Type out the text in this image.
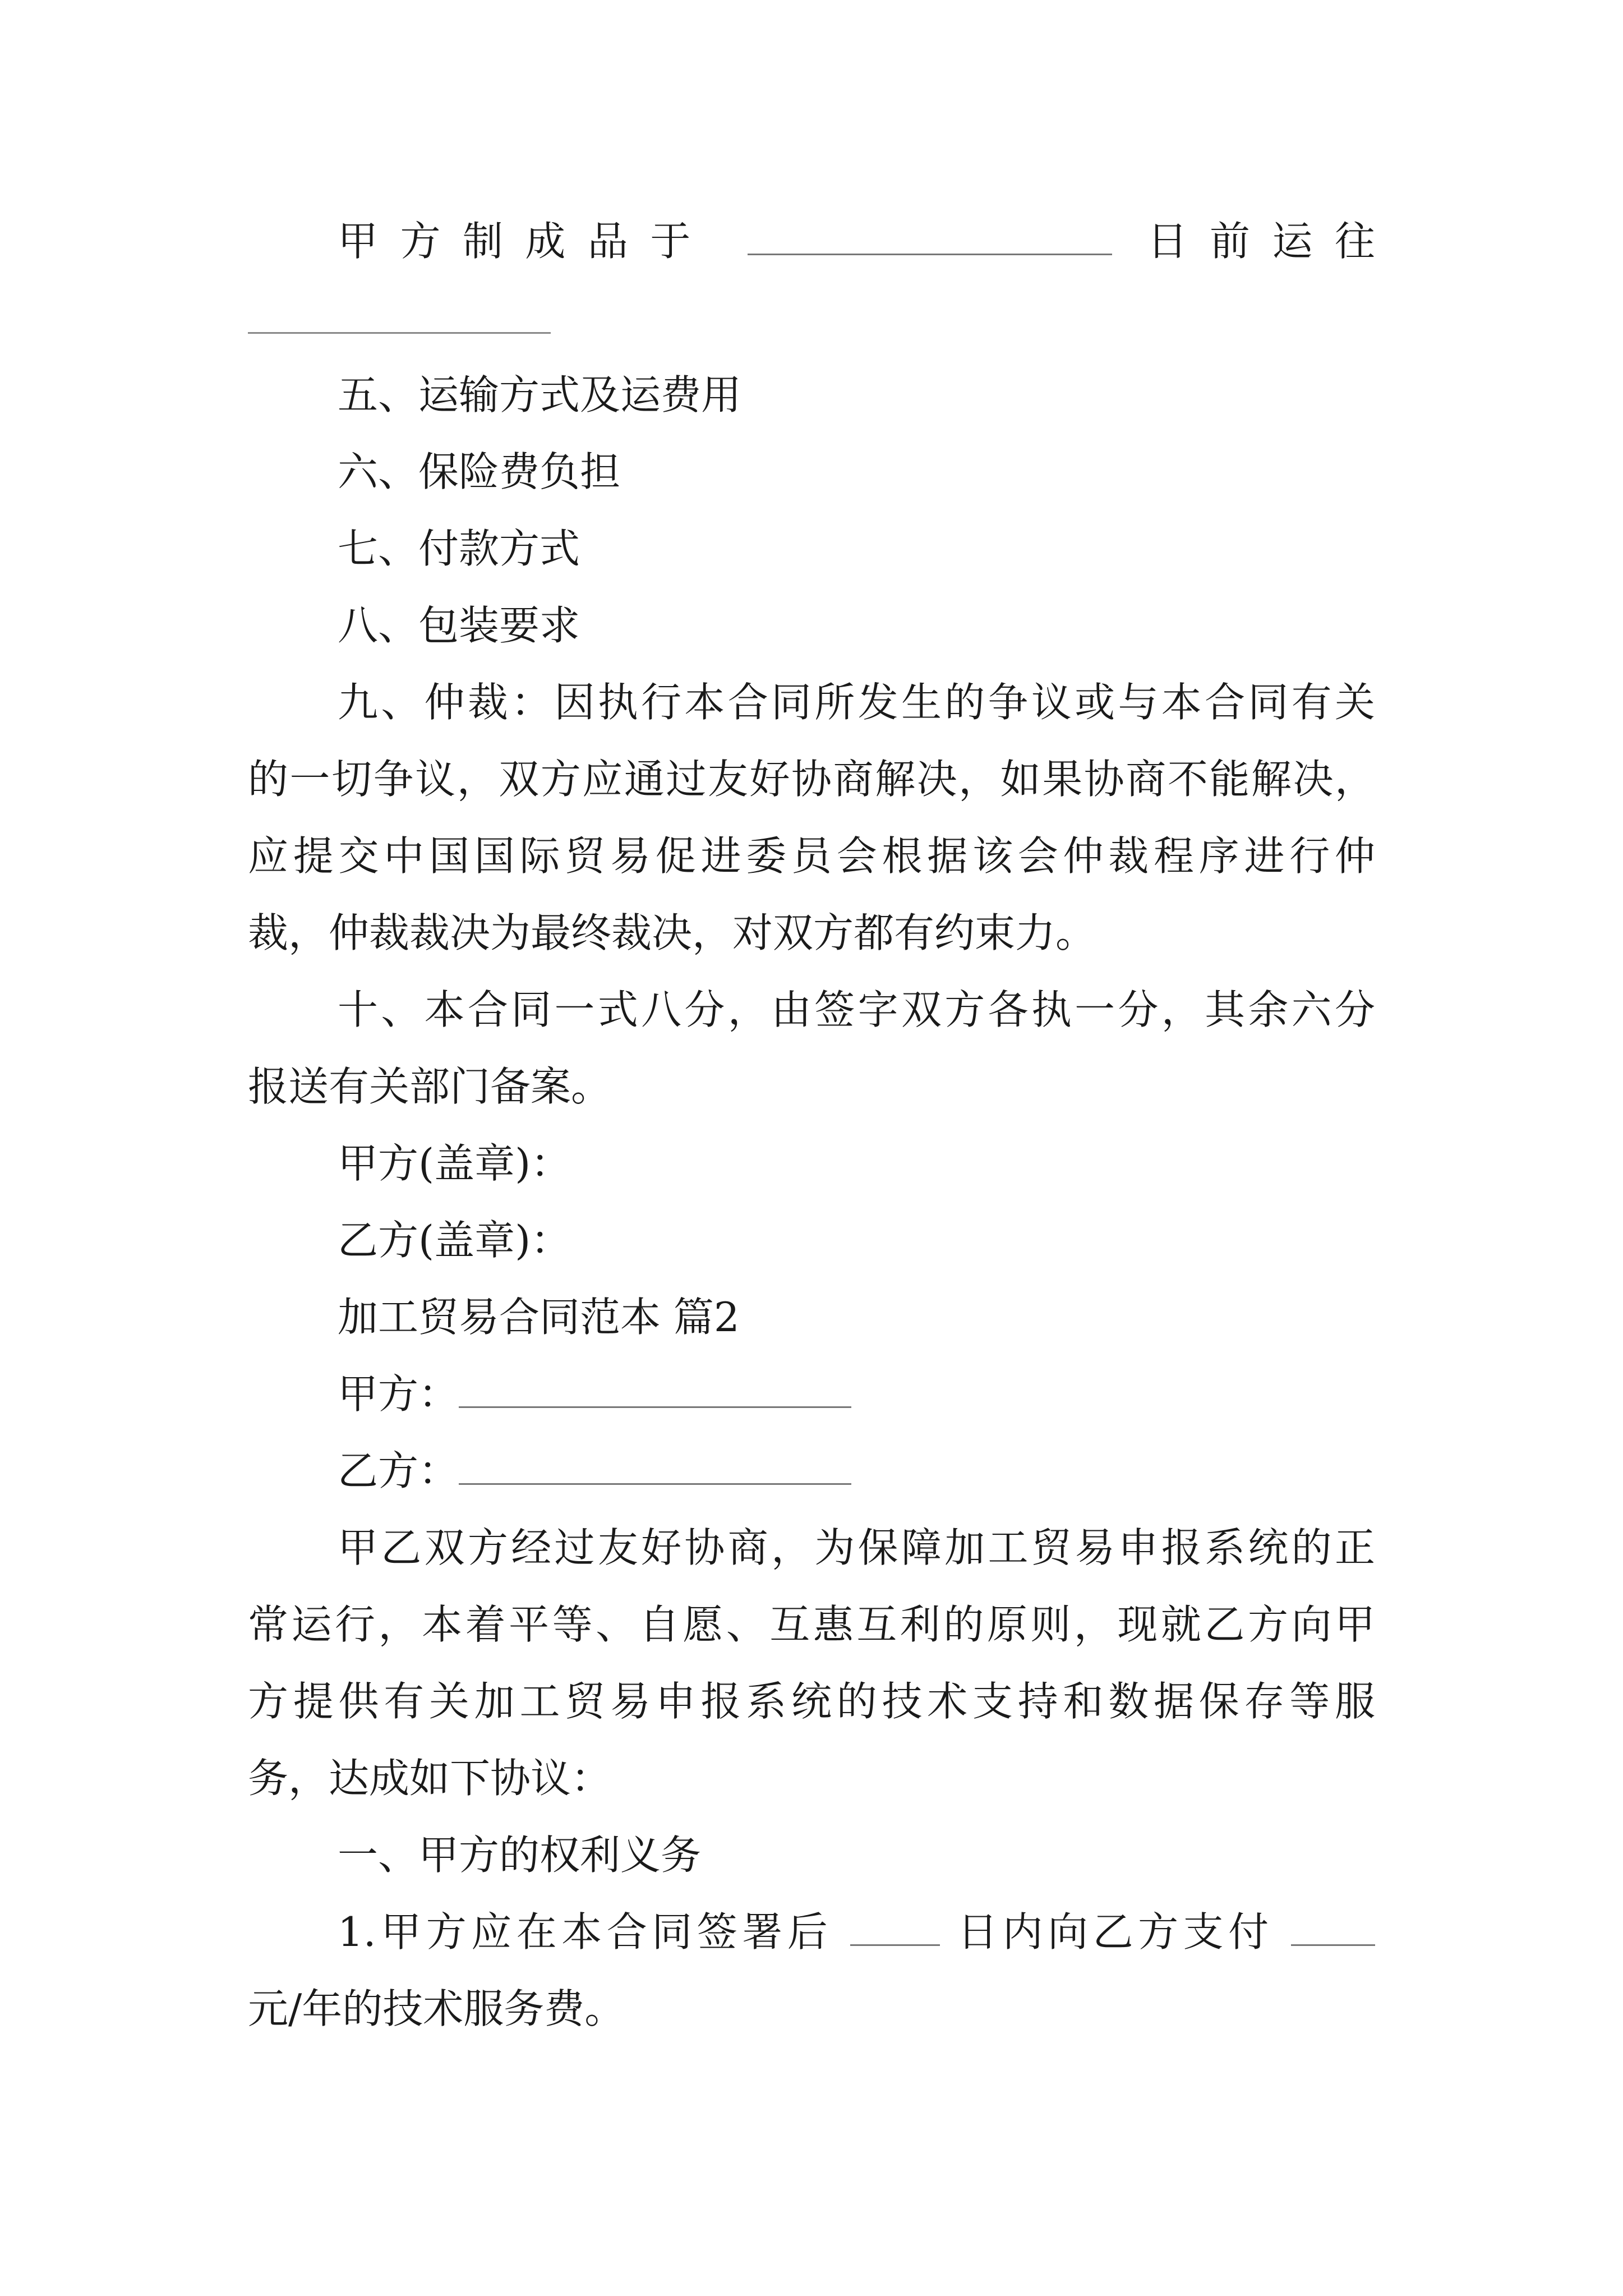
甲方制成品于	日前运往
五、运输方式及运费用
六、保险费负担
七、付款方式
八、包装要求
九、仲裁：因执行本合同所发生的争议或与本合同有关
的一切争议，双方应通过友好协商解决，如果协商不能解决，
应提交中国国际贸易促进委员会根据该会仲裁程序进行仲
裁，仲裁裁决为最终裁决，对双方都有约束力。
十、本合同一式八分，由签字双方各执一分，其余六分
报送有关部门备案。
甲方(盖章)：
乙方(盖章)：
加工贸易合同范本 篇2
甲方：
乙方：
甲乙双方经过友好协商，为保障加工贸易申报系统的正
常运行，本着平等、自愿、互惠互利的原则，现就乙方向甲
方提供有关加工贸易申报系统的技术支持和数据保存等服
务，达成如下协议：
一、甲方的权利义务
1.甲方应在本合同签署后	日内向乙方支付
元/年的技术服务费。
